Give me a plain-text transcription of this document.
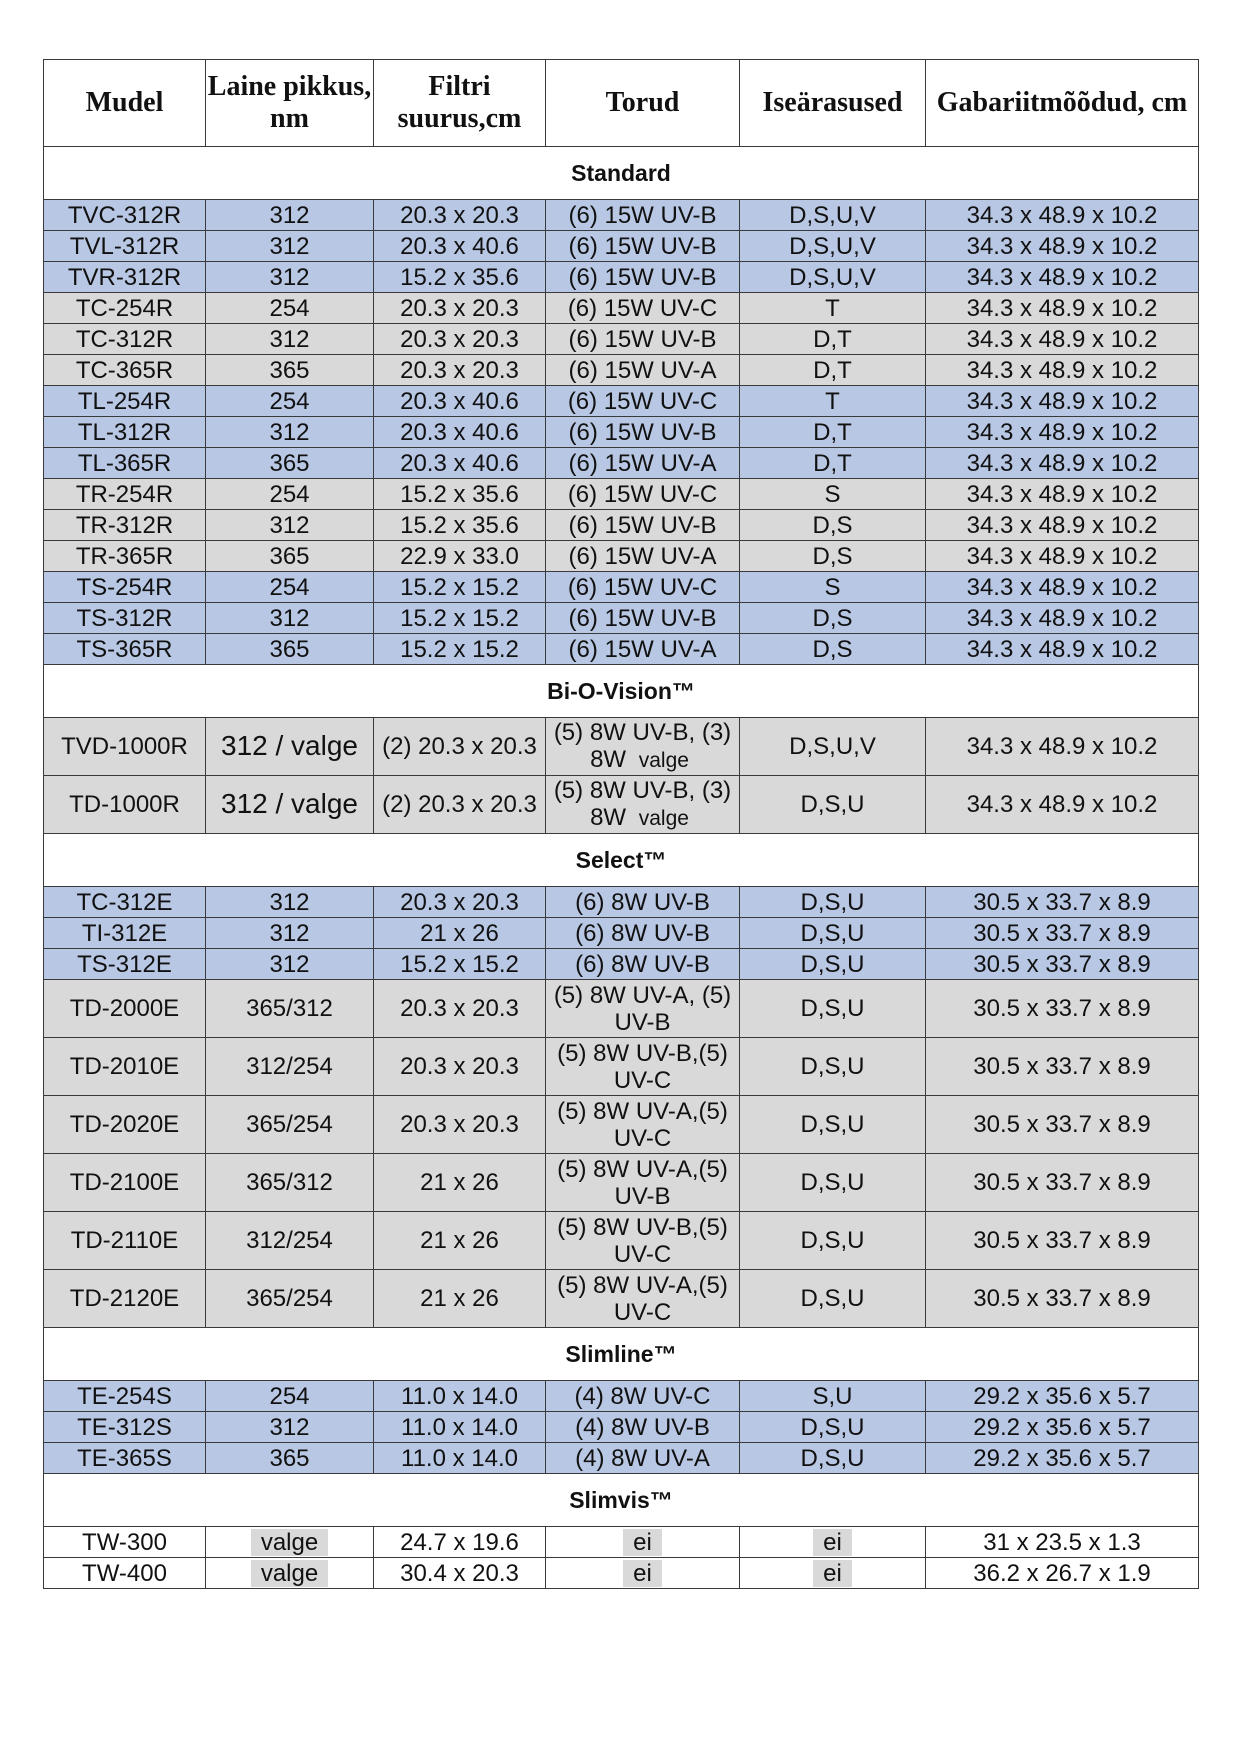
Mudel	Laine pikkus, nm	Filtri suurus,cm	Torud	Iseärasused	Gabariitmõõdud, cm
Standard					
TVC-312R	312	20.3 x 20.3	(6) 15W UV-B	D,S,U,V	34.3 x 48.9 x 10.2
TVL-312R	312	20.3 x 40.6	(6) 15W UV-B	D,S,U,V	34.3 x 48.9 x 10.2
TVR-312R	312	15.2 x 35.6	(6) 15W UV-B	D,S,U,V	34.3 x 48.9 x 10.2
TC-254R	254	20.3 x 20.3	(6) 15W UV-C	T	34.3 x 48.9 x 10.2
TC-312R	312	20.3 x 20.3	(6) 15W UV-B	D,T	34.3 x 48.9 x 10.2
TC-365R	365	20.3 x 20.3	(6) 15W UV-A	D,T	34.3 x 48.9 x 10.2
TL-254R	254	20.3 x 40.6	(6) 15W UV-C	T	34.3 x 48.9 x 10.2
TL-312R	312	20.3 x 40.6	(6) 15W UV-B	D,T	34.3 x 48.9 x 10.2
TL-365R	365	20.3 x 40.6	(6) 15W UV-A	D,T	34.3 x 48.9 x 10.2
TR-254R	254	15.2 x 35.6	(6) 15W UV-C	S	34.3 x 48.9 x 10.2
TR-312R	312	15.2 x 35.6	(6) 15W UV-B	D,S	34.3 x 48.9 x 10.2
TR-365R	365	22.9 x 33.0	(6) 15W UV-A	D,S	34.3 x 48.9 x 10.2
TS-254R	254	15.2 x 15.2	(6) 15W UV-C	S	34.3 x 48.9 x 10.2
TS-312R	312	15.2 x 15.2	(6) 15W UV-B	D,S	34.3 x 48.9 x 10.2
TS-365R	365	15.2 x 15.2	(6) 15W UV-A	D,S	34.3 x 48.9 x 10.2
Bi-O-Vision™					
TVD-1000R	312 / valge	(2) 20.3 x 20.3	(5) 8W UV-B, (3) 8W valge	D,S,U,V	34.3 x 48.9 x 10.2
TD-1000R	312 / valge	(2) 20.3 x 20.3	(5) 8W UV-B, (3) 8W valge	D,S,U	34.3 x 48.9 x 10.2
Select™					
TC-312E	312	20.3 x 20.3	(6) 8W UV-B	D,S,U	30.5 x 33.7 x 8.9
TI-312E	312	21 x 26	(6) 8W UV-B	D,S,U	30.5 x 33.7 x 8.9
TS-312E	312	15.2 x 15.2	(6) 8W UV-B	D,S,U	30.5 x 33.7 x 8.9
TD-2000E	365/312	20.3 x 20.3	(5) 8W UV-A, (5) UV-B	D,S,U	30.5 x 33.7 x 8.9
TD-2010E	312/254	20.3 x 20.3	(5) 8W UV-B,(5) UV-C	D,S,U	30.5 x 33.7 x 8.9
TD-2020E	365/254	20.3 x 20.3	(5) 8W UV-A,(5) UV-C	D,S,U	30.5 x 33.7 x 8.9
TD-2100E	365/312	21 x 26	(5) 8W UV-A,(5) UV-B	D,S,U	30.5 x 33.7 x 8.9
TD-2110E	312/254	21 x 26	(5) 8W UV-B,(5) UV-C	D,S,U	30.5 x 33.7 x 8.9
TD-2120E	365/254	21 x 26	(5) 8W UV-A,(5) UV-C	D,S,U	30.5 x 33.7 x 8.9
Slimline™					
TE-254S	254	11.0 x 14.0	(4) 8W UV-C	S,U	29.2 x 35.6 x 5.7
TE-312S	312	11.0 x 14.0	(4) 8W UV-B	D,S,U	29.2 x 35.6 x 5.7
TE-365S	365	11.0 x 14.0	(4) 8W UV-A	D,S,U	29.2 x 35.6 x 5.7
Slimvis™					
TW-300	valge	24.7 x 19.6	ei	ei	31 x 23.5 x 1.3
TW-400	valge	30.4 x 20.3	ei	ei	36.2 x 26.7 x 1.9
